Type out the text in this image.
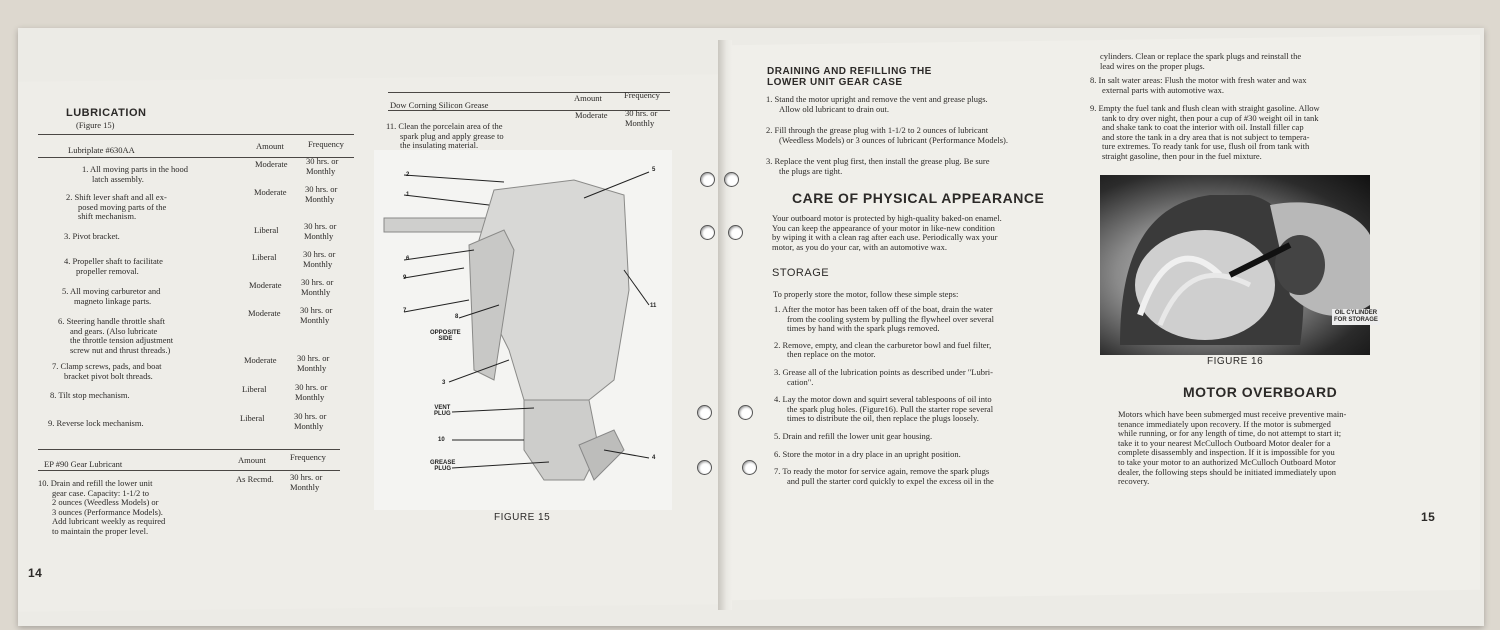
LUBRICATION
(Figure 15)
Lubriplate #630AA	Amount	Frequency
1. All moving parts in the hood
latch assembly.
Moderate 30 hrs. or
Monthly
2. Shift lever shaft and all ex-
posed moving parts of the
shift mechanism.
Moderate 30 hrs. or
Monthly
3. Pivot bracket.
Liberal	30 hrs. or
Monthly
4. Propeller shaft to facilitate
propeller removal.
Liberal	30 hrs. or
Monthly
5. All moving carburetor and
magneto linkage parts.
Moderate 30 hrs. or
Monthly
6. Steering handle throttle shaft
and gears. (Also lubricate
the throttle tension adjustment
screw nut and thrust threads.)
Moderate 30 hrs. or
Monthly
7. Clamp screws, pads, and boat
bracket pivot bolt threads.
Moderate 30 hrs. or
Monthly
8. Tilt stop mechanism.
Liberal	30 hrs. or
Monthly
9. Reverse lock mechanism.	Liberal	30 hrs. or
Monthly
EP #90 Gear Lubricant	Amount	Frequency
10. Drain and refill the lower unit
gear case. Capacity: 1-1/2 to
2 ounces (Weedless Models) or
3 ounces (Performance Models).
Add lubricant weekly as required
to maintain the proper level.
As Recmd. 30 hrs. or
Monthly
Dow Corning Silicon Grease
Amount	Frequency
11. Clean the porcelain area of the
spark plug and apply grease to
the insulating material.
Moderate 30 hrs. or
Monthly
2
1
6
9
7
8
3
10
5
11
4
OPPOSITE
SIDE
VENT
PLUG
GREASE
PLUG
FIGURE 15
14
DRAINING AND REFILLING THE
LOWER UNIT GEAR CASE
1. Stand the motor upright and remove the vent and grease plugs.
Allow old lubricant to drain out.
2. Fill through the grease plug with 1-1/2 to 2 ounces of lubricant
(Weedless Models) or 3 ounces of lubricant (Performance Models).
3. Replace the vent plug first, then install the grease plug. Be sure
the plugs are tight.
CARE OF PHYSICAL APPEARANCE
Your outboard motor is protected by high-quality baked-on enamel.
You can keep the appearance of your motor in like-new condition
by wiping it with a clean rag after each use. Periodically wax your
motor, as you do your car, with an automotive wax.
STORAGE
To properly store the motor, follow these simple steps:
1. After the motor has been taken off of the boat, drain the water
from the cooling system by pulling the flywheel over several
times by hand with the spark plugs removed.
2. Remove, empty, and clean the carburetor bowl and fuel filter,
then replace on the motor.
3. Grease all of the lubrication points as described under "Lubri-
cation".
4. Lay the motor down and squirt several tablespoons of oil into
the spark plug holes. (Figure16). Pull the starter rope several
times to distribute the oil, then replace the plugs loosely.
5. Drain and refill the lower unit gear housing.
6. Store the motor in a dry place in an upright position.
7. To ready the motor for service again, remove the spark plugs
and pull the starter cord quickly to expel the excess oil in the
cylinders. Clean or replace the spark plugs and reinstall the
lead wires on the proper plugs.
8. In salt water areas: Flush the motor with fresh water and wax
external parts with automotive wax.
9. Empty the fuel tank and flush clean with straight gasoline. Allow
tank to dry over night, then pour a cup of #30 weight oil in tank
and shake tank to coat the interior with oil. Install filler cap
and store the tank in a dry area that is not subject to tempera-
ture extremes. To ready tank for use, flush oil from tank with
straight gasoline, then pour in the fuel mixture.
OIL CYLINDER
FOR STORAGE
FIGURE 16
MOTOR OVERBOARD
Motors which have been submerged must receive preventive main-
tenance immediately upon recovery. If the motor is submerged
while running, or for any length of time, do not attempt to start it;
take it to your nearest McCulloch Outboard Motor dealer for a
complete disassembly and inspection. If it is impossible for you
to take your motor to an authorized McCulloch Outboard Motor
dealer, the following steps should be initiated immediately upon
recovery.
15
